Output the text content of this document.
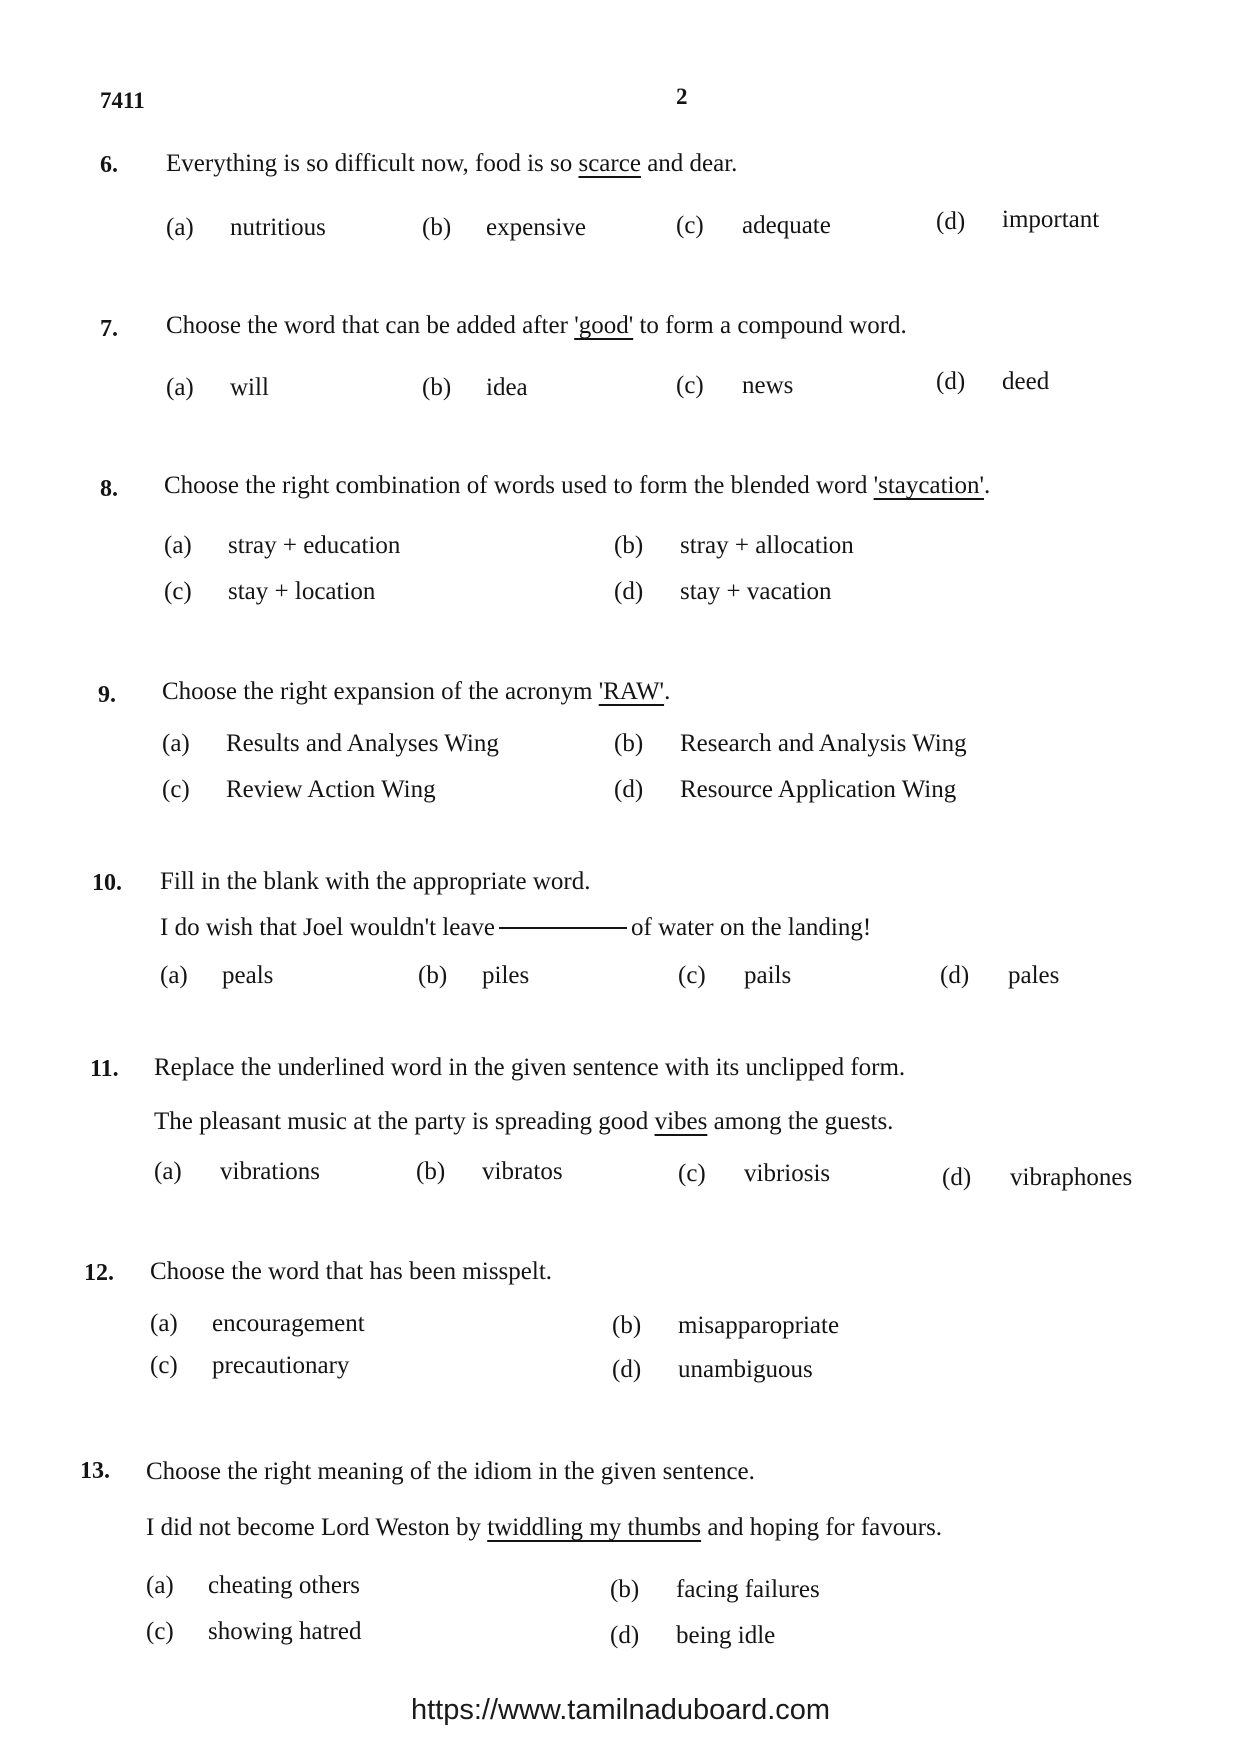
7411	2
6. Everything is so difficult now, food is so scarce and dear.
(a) nutritious	(b) expensive	(c) adequate	(d) important
7. Choose the word that can be added after 'good' to form a compound word.
(a) will	(b) idea	(c) news	(d) deed
8. Choose the right combination of words used to form the blended word 'staycation'.
(a) stray + education	(b) stray + allocation
(c) stay + location	(d) stay + vacation
9. Choose the right expansion of the acronym 'RAW'.
(a) Results and Analyses Wing	(b) Research and Analysis Wing
(c) Review Action Wing	(d) Resource Application Wing
10. Fill in the blank with the appropriate word.
I do wish that Joel wouldn't leave	of water on the landing!
(a) peals	(b) piles	(c) pails	(d) pales
11. Replace the underlined word in the given sentence with its unclipped form.
The pleasant music at the party is spreading good vibes among the guests.
(a) vibrations	(b) vibratos	(c) vibriosis	(d) vibraphones
12. Choose the word that has been misspelt.
(a) encouragement	(b) misapparopriate
(c) precautionary	(d) unambiguous
13. Choose the right meaning of the idiom in the given sentence.
I did not become Lord Weston by twiddling my thumbs and hoping for favours.
(a) cheating others	(b) facing failures
(c) showing hatred	(d) being idle
https://www.tamilnaduboard.com
